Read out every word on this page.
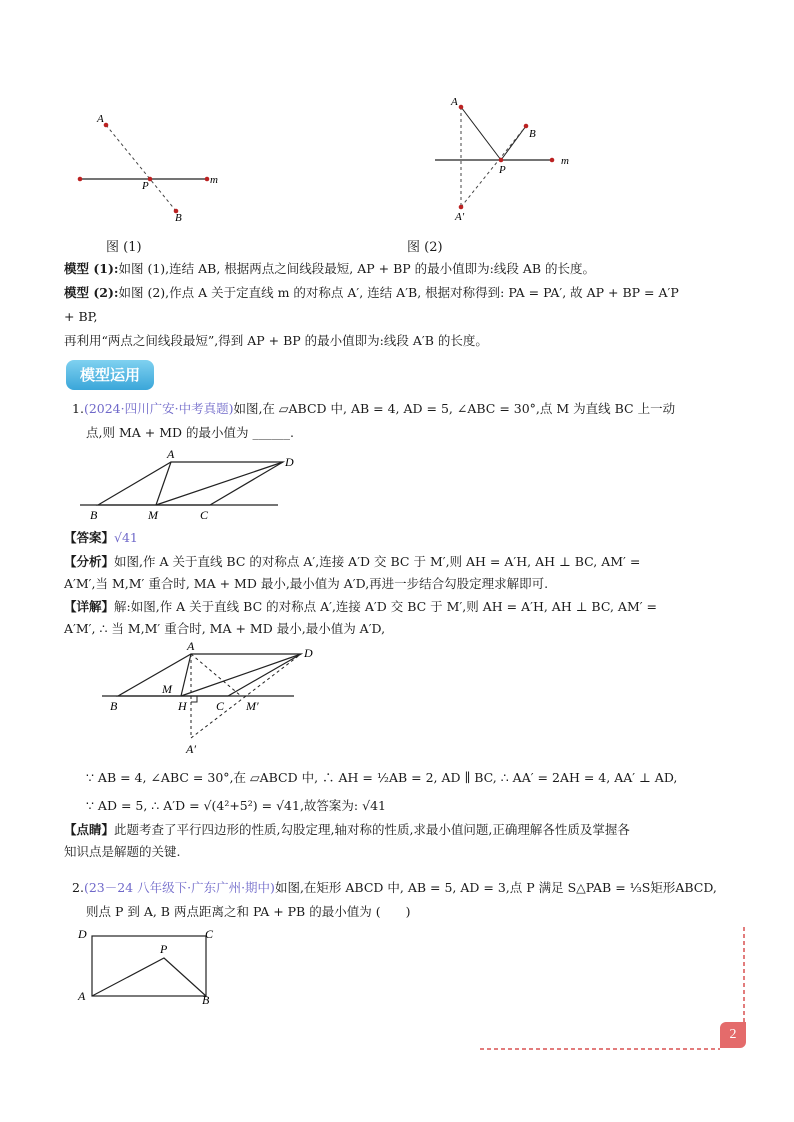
A
P
B
m
图 (1)
A
B
P
m
A′
图 (2)
模型 (1):如图 (1),连结 AB, 根据两点之间线段最短, AP + BP 的最小值即为:线段 AB 的长度。
模型 (2):如图 (2),作点 A 关于定直线 m 的对称点 A′, 连结 A′B, 根据对称得到: PA = PA′, 故 AP + BP = A′P
+ BP,
再利用“两点之间线段最短”,得到 AP + BP 的最小值即为:线段 A′B 的长度。
模型运用
1.(2024·四川广安·中考真题)如图,在 ▱ABCD 中, AB = 4, AD = 5, ∠ABC = 30°,点 M 为直线 BC 上一动
点,则 MA + MD 的最小值为 ______.
A
D
B	M	C
【答案】√41
【分析】如图,作 A 关于直线 BC 的对称点 A′,连接 A′D 交 BC 于 M′,则 AH = A′H, AH ⊥ BC, AM′ =
A′M′,当 M,M′ 重合时, MA + MD 最小,最小值为 A′D,再进一步结合勾股定理求解即可.
【详解】解:如图,作 A 关于直线 BC 的对称点 A′,连接 A′D 交 BC 于 M′,则 AH = A′H, AH ⊥ BC, AM′ =
A′M′, ∴ 当 M,M′ 重合时, MA + MD 最小,最小值为 A′D,
A	D
B
M
H C M′
A′
∵ AB = 4, ∠ABC = 30°,在 ▱ABCD 中, ∴ AH = ½AB = 2, AD ∥ BC, ∴ AA′ = 2AH = 4, AA′ ⊥ AD,
∵ AD = 5, ∴ A′D = √(4²+5²) = √41,故答案为: √41
【点睛】此题考查了平行四边形的性质,勾股定理,轴对称的性质,求最小值问题,正确理解各性质及掌握各
知识点是解题的关键.
2.(23－24 八年级下·广东广州·期中)如图,在矩形 ABCD 中, AB = 5, AD = 3,点 P 满足 S△PAB = ⅓S矩形ABCD,
则点 P 到 A, B 两点距离之和 PA + PB 的最小值为 (　　)
D	C
P
A	B
2
